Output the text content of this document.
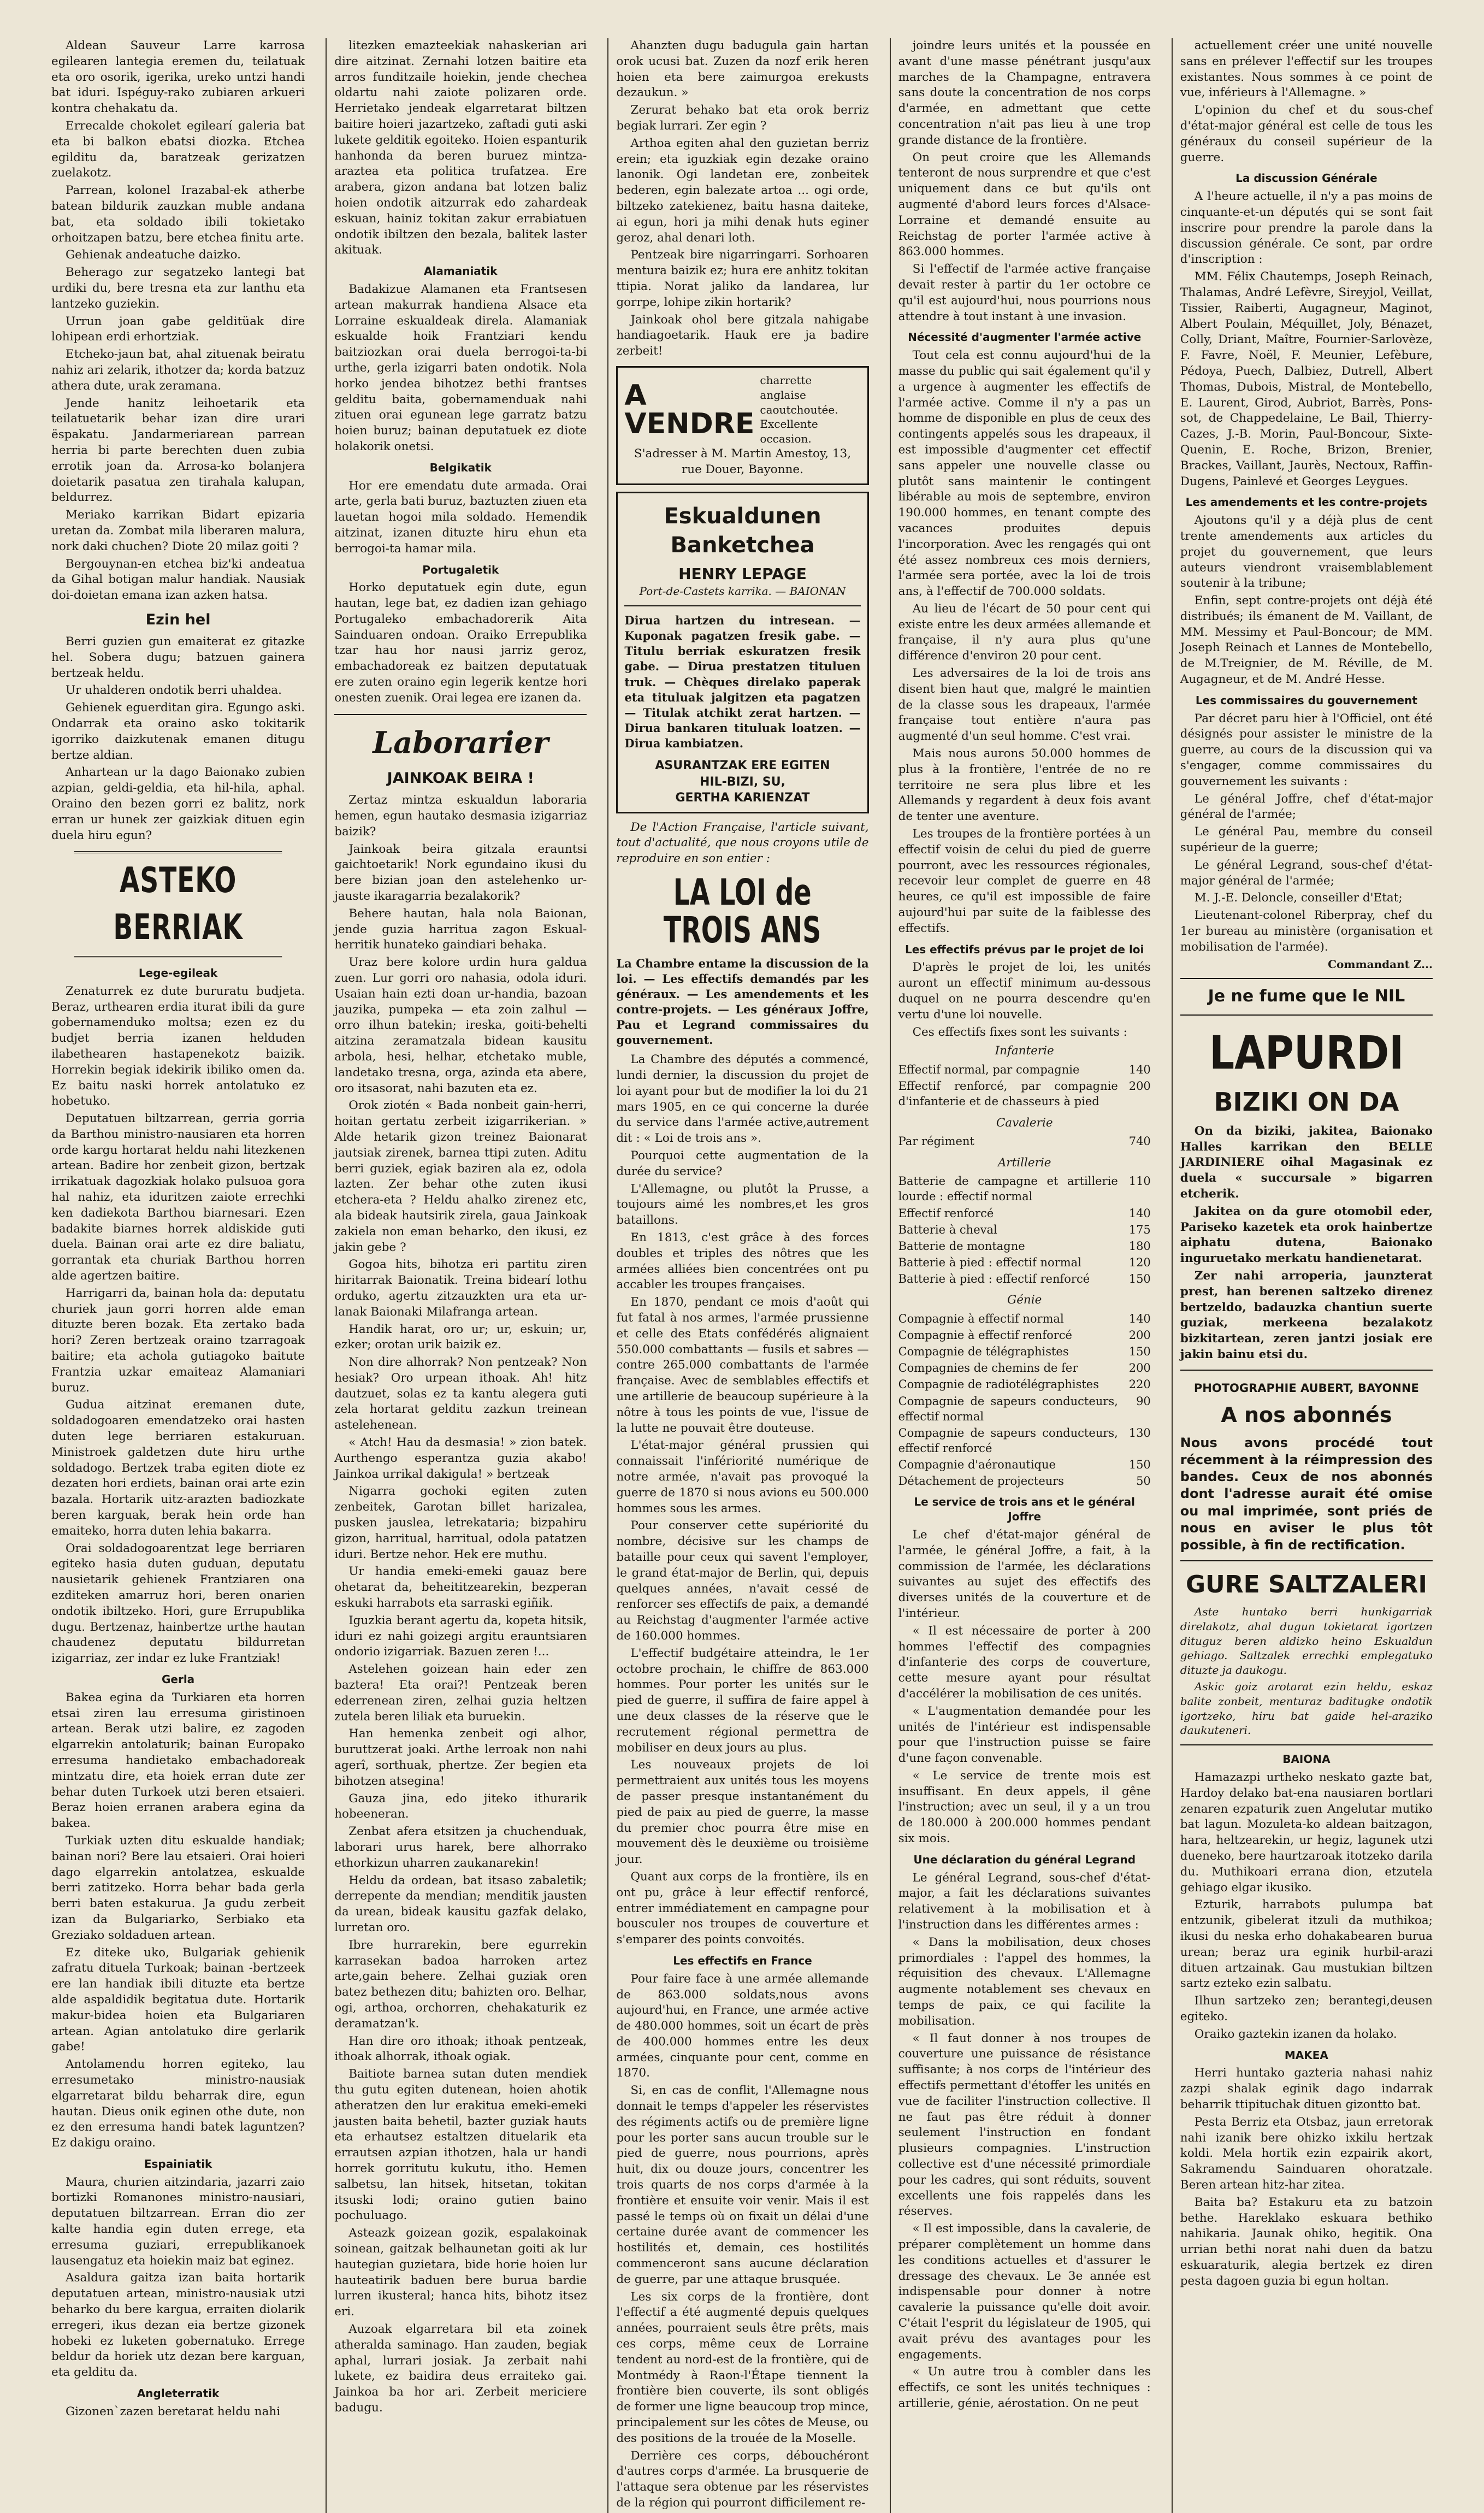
Aldean Sauveur Larre karrosa egilearen lantegia eremen du, teilatuak eta oro osorik, igerika, ureko untzi handi bat iduri. Ispéguy-rako zubiaren arkueri kontra chehakatu da.

Errecalde chokolet egilearí galeria bat eta bi balkon ebatsi diozka. Etchea egilditu da, baratzeak gerizatzen zuelakotz.

Parrean, kolonel Irazabal-ek atherbe batean bildurik zauzkan muble andana bat, eta soldado ibili tokietako orhoitzapen batzu, bere etchea finitu arte.

Gehienak andeatuche daizko.

Beherago zur segatzeko lantegi bat urdiki du, bere tresna eta zur lanthu eta lantzeko guziekin.

Urrun joan gabe gelditüak dire lohipean erdi erhortziak.

Etcheko-jaun bat, ahal zituenak beiratu nahiz ari zelarik, ithotzer da; korda batzuz athera dute, urak zeramana.

Jende hanitz leihoetarik eta teilatuetarik behar izan dire urari ëspakatu. Jandarmeriarean parrean herria bi parte berechten duen zubia errotik joan da. Arrosa-ko bolanjera doietarik pasatua zen tirahala kalupan, beldurrez.

Meriako karrikan Bidart epizaria uretan da. Zombat mila liberaren malura, nork daki chuchen? Diote 20 milaz goiti ?

Bergouynan-en etchea biz'ki andeatua da Gihal botigan malur handiak. Nausiak doi-doietan emana izan azken hatsa.

Ezin hel

Berri guzien gun emaiterat ez gitazke hel. Sobera dugu; batzuen gainera bertzeak heldu.

Ur uhalderen ondotik berri uhaldea.

Gehienek eguerditan gira. Egungo aski. Ondarrak eta oraino asko tokitarik igorriko daizkutenak emanen ditugu bertze aldian.

Anhartean ur la dago Baionako zubien azpian, geldi-geldia, eta hil-hila, aphal. Oraino den bezen gorri ez balitz, nork erran ur hunek zer gaizkiak dituen egin duela hiru egun?

ASTEKO BERRIAK
Lege-egileak

Zenaturrek ez dute bururatu budjeta. Beraz, urthearen erdia iturat ibili da gure gobernamenduko moltsa; ezen ez du budjet berria izanen helduden ilabethearen hastapenekotz baizik. Horrekin begiak idekirik ibiliko omen da. Ez baitu naski horrek antolatuko ez hobetuko.

Deputatuen biltzarrean, gerria gorria da Barthou ministro-nausiaren eta horren orde kargu hortarat heldu nahi litezkenen artean. Badire hor zenbeit gizon, bertzak irrikatuak dagozkiak holako pulsuoa gora hal nahiz, eta iduritzen zaiote errechki ken dadiekota Barthou biarnesari. Ezen badakite biarnes horrek aldiskide guti duela. Bainan orai arte ez dire baliatu, gorrantak eta churiak Barthou horren alde agertzen baitire.

Harrigarri da, bainan hola da: deputatu churiek jaun gorri horren alde eman dituzte beren bozak. Eta zertako bada hori? Zeren bertzeak oraino tzarragoak baitire; eta achola gutiagoko baitute Frantzia uzkar emaiteaz Alamaniari buruz.

Gudua aitzinat eremanen dute, soldadogoaren emendatzeko orai hasten duten lege berriaren estakuruan. Ministroek galdetzen dute hiru urthe soldadogo. Bertzek traba egiten diote ez dezaten hori erdiets, bainan orai arte ezin bazala. Hortarik uitz-arazten badiozkate beren karguak, berak hein orde han emaiteko, horra duten lehia bakarra.

Orai soldadogoarentzat lege berriaren egiteko hasia duten guduan, deputatu nausietarik gehienek Frantziaren ona ezditeken amarruz hori, beren onarien ondotik ibiltzeko. Hori, gure Errupublika dugu. Bertzenaz, hainbertze urthe hautan chaudenez deputatu bildurretan izigarriaz, zer indar ez luke Frantziak!

Gerla

Bakea egina da Turkiaren eta horren etsai ziren lau erresuma giristinoen artean. Berak utzi balire, ez zagoden elgarrekin antolaturik; bainan Europako erresuma handietako embachadoreak mintzatu dire, eta hoiek erran dute zer behar duten Turkoek utzi beren etsaieri. Beraz hoien erranen arabera egina da bakea.

Turkiak uzten ditu eskualde handiak; bainan nori? Bere lau etsaieri. Orai hoieri dago elgarrekin antolatzea, eskualde berri zatitzeko. Horra behar bada gerla berri baten estakurua. Ja gudu zerbeit izan da Bulgariarko, Serbiako eta Greziako soldaduen artean.

Ez diteke uko, Bulgariak gehienik zafratu dituela Turkoak; bainan -bertzeek ere lan handiak ibili dituzte eta bertze alde aspaldidik begitatua dute. Hortarik makur-bidea hoien eta Bulgariaren artean. Agian antolatuko dire gerlarik gabe!

Antolamendu horren egiteko, lau erresumetako ministro-nausiak elgarretarat bildu beharrak dire, egun hautan. Dieus onik eginen othe dute, non ez den erresuma handi batek laguntzen? Ez dakigu oraino.

Espainiatik

Maura, churien aitzindaria, jazarri zaio bortizki Romanones ministro-nausiari, deputatuen biltzarrean. Erran dio zer kalte handia egin duten errege, eta erresuma guziari, errepublikanoek lausengatuz eta hoiekin maiz bat eginez.

Asaldura gaitza izan baita hortarik deputatuen artean, ministro-nausiak utzi beharko du bere kargua, erraiten diolarik erregeri, ikus dezan eia bertze gizonek hobeki ez luketen gobernatuko. Errege beldur da horiek utz dezan bere karguan, eta gelditu da.

Angleterratik

Gizonen`zazen beretarat heldu nahi

litezken emazteekiak nahaskerian ari dire aitzinat. Zernahi lotzen baitire eta arros funditzaile hoiekin, jende chechea oldartu nahi zaiote polizaren orde. Herrietako jendeak elgarretarat biltzen baitire hoieri jazartzeko, zaftadi guti aski lukete gelditik egoiteko. Hoien espanturik hanhonda da beren buruez mintza-araztea eta politica trufatzea. Ere arabera, gizon andana bat lotzen baliz hoien ondotik aitzurrak edo zahardeak eskuan, hainiz tokitan zakur errabiatuen ondotik ibiltzen den bezala, balitek laster akituak.

Alamaniatik

Badakizue Alamanen eta Frantsesen artean makurrak handiena Alsace eta Lorraine eskualdeak direla. Alamaniak eskualde hoik Frantziari kendu baitziozkan orai duela berrogoi-ta-bi urthe, gerla izigarri baten ondotik. Nola horko jendea bihotzez bethi frantses gelditu baita, gobernamenduak nahi zituen orai egunean lege garratz batzu hoien buruz; bainan deputatuek ez diote holakorik onetsi.

Belgikatik

Hor ere emendatu dute armada. Orai arte, gerla bati buruz, baztuzten ziuen eta lauetan hogoi mila soldado. Hemendik aitzinat, izanen dituzte hiru ehun eta berrogoi-ta hamar mila.

Portugaletik

Horko deputatuek egin dute, egun hautan, lege bat, ez dadien izan gehiago Portugaleko embachadorerik Aita Sainduaren ondoan. Oraiko Errepublika tzar hau hor nausi jarriz geroz, embachadoreak ez baitzen deputatuak ere zuten oraino egin legerik kentze hori onesten zuenik. Orai legea ere izanen da.

Laborarier
JAINKOAK BEIRA !

Zertaz mintza eskualdun laboraria hemen, egun hautako desmasia izigarriaz baizik?

Jainkoak beira gitzala erauntsi gaichtoetarik! Nork egundaino ikusi du bere bizian joan den astelehenko ur-jauste ikaragarria bezalakorik?

Behere hautan, hala nola Baionan, jende guzia harritua zagon Eskual-herritik hunateko gaindiari behaka.

Uraz bere kolore urdin hura galdua zuen. Lur gorri oro nahasia, odola iduri. Usaian hain ezti doan ur-handia, bazoan jauzika, pumpeka — eta zoin zalhul — orro ilhun batekin; ireska, goiti-behelti aitzina zeramatzala bidean kausitu arbola, hesi, helhar, etchetako muble, landetako tresna, orga, azinda eta abere, oro itsasorat, nahi bazuten eta ez.

Orok ziotén « Bada nonbeit gain-herri, hoitan gertatu zerbeit izigarrikerian. » Alde hetarik gizon treinez Baionarat jautsiak zirenek, barnea ttipi zuten. Aditu berri guziek, egiak baziren ala ez, odola lazten. Zer behar othe zuten ikusi etchera-eta ? Heldu ahalko zirenez etc, ala bideak hautsirik zirela, gaua Jainkoak zakiela non eman beharko, den ikusi, ez jakin gebe ?

Gogoa hits, bihotza eri partitu ziren hiritarrak Baionatik. Treina bidearí lothu orduko, agertu zitzauzkten ura eta ur-lanak Baionaki Milafranga artean.

Handik harat, oro ur; ur, eskuin; ur, ezker; orotan urik baizik ez.

Non dire alhorrak? Non pentzeak? Non hesiak? Oro urpean ithoak. Ah! hitz dautzuet, solas ez ta kantu alegera guti zela hortarat gelditu zazkun treinean astelehenean.

« Atch! Hau da desmasia! » zion batek. Aurthengo esperantza guzia akabo! Jainkoa urrikal dakigula! » bertzeak

Nigarra gochoki egiten zuten zenbeitek, Garotan billet harizalea, pusken jauslea, letrekataria; bizpahiru gizon, harritual, harritual, odola patatzen iduri. Bertze nehor. Hek ere muthu.

Ur handia emeki-emeki gauaz bere ohetarat da, beheititzearekin, bezperan eskuki harrabots eta sarraski egiñik.

Iguzkia berant agertu da, kopeta hitsik, iduri ez nahi goizegi argitu erauntsiaren ondorio izigarriak. Bazuen zeren !...

Astelehen goizean hain eder zen baztera! Eta orai?! Pentzeak beren ederrenean ziren, zelhai guzia heltzen zutela beren liliak eta buruekin.

Han hemenka zenbeit ogi alhor, buruttzerat joaki. Arthe lerroak non nahi agerî, sorthuak, phertze. Zer begien eta bihotzen atsegina!

Gauza jina, edo jiteko ithurarik hobeeneran.

Zenbat afera etsitzen ja chuchenduak, laborari urus harek, bere alhorrako ethorkizun uharren zaukanarekin!

Heldu da ordean, bat itsaso zabaletik; derrepente da mendian; menditik jausten da urean, bideak kausitu gazfak delako, lurretan oro.

Ibre hurrarekin, bere egurrekin karrasekan badoa harroken artez arte,gain behere. Zelhai guziak oren batez bethezen ditu; bahizten oro. Belhar, ogi, arthoa, orchorren, chehakaturik ez deramatzan'k.

Han dire oro ithoak; ithoak pentzeak, ithoak alhorrak, ithoak ogiak.

Baitiote barnea sutan duten mendiek thu gutu egiten dutenean, hoien ahotik atheratzen den lur erakitua emeki-emeki jausten baita behetil, bazter guziak hauts eta erhautsez estaltzen dituelarik eta errautsen azpian ithotzen, hala ur handi horrek gorritutu kukutu, itho. Hemen salbetsu, lan hitsek, hitsetan, tokitan itsuski lodi; oraino gutien baino pochuluago.

Asteazk goizean gozik, espalakoinak soinean, gaitzak belhaunetan goiti ak lur hautegian guzietara, bide horie hoien lur hauteatirik baduen bere burua bardie lurren ikusteral; hanca hits, bihotz itsez eri.

Auzoak elgarretara bil eta zoinek atheralda saminago. Han zauden, begiak aphal, lurrari josiak. Ja zerbait nahi lukete, ez baidira deus erraiteko gai. Jainkoa ba hor ari. Zerbeit mericiere badugu.

Ahanzten dugu badugula gain hartan orok ucusi bat. Zuzen da nozf erik heren hoien eta bere zaimurgoa erekusts dezaukun. »

Zerurat behako bat eta orok berriz begiak lurrari. Zer egin ?

Arthoa egiten ahal den guzietan berriz erein; eta iguzkiak egin dezake oraino lanonik. Ogi landetan ere, zonbeitek bederen, egin balezate artoa ... ogi orde, biltzeko zatekienez, baitu hasna daiteke, ai egun, hori ja mihi denak huts eginer geroz, ahal denari loth.

Pentzeak bire nigarringarri. Sorhoaren mentura baizik ez; hura ere anhitz tokitan ttipia. Norat jaliko da landarea, lur gorrpe, lohipe zikin hortarik?

Jainkoak ohol bere gitzala nahigabe handiagoetarik. Hauk ere ja badire zerbeit!

A VENDRE
charrette anglaise caoutchoutée. Excellente occasion.
S'adresser à M. Martin Amestoy, 13, rue Douer, Bayonne.
Eskualdunen Banketchea
HENRY LEPAGE
Port-de-Castets karrika. — BAIONAN
Dirua hartzen du intresean. — Kuponak pagatzen fresik gabe. — Titulu berriak eskuratzen fresik gabe. — Dirua prestatzen tituluen truk. — Chèques direlako paperak eta tituluak jalgitzen eta pagatzen — Titulak atchikt zerat hartzen. — Dirua bankaren tituluak loatzen. — Dirua kambiatzen.
ASURANTZAK ERE EGITEN
HIL-BIZI, SU,
GERTHA KARIENZAT

De l'Action Française, l'article suivant, tout d'actualité, que nous croyons utile de reproduire en son entier :

LA LOI de TROIS ANS
La Chambre entame la discussion de la loi. — Les effectifs demandés par les généraux. — Les amendements et les contre-projets. — Les généraux Joffre, Pau et Legrand commissaires du gouvernement.

La Chambre des députés a commencé, lundi dernier, la discussion du projet de loi ayant pour but de modifier la loi du 21 mars 1905, en ce qui concerne la durée du service dans l'armée active,autrement dit : « Loi de trois ans ».

Pourquoi cette augmentation de la durée du service?

L'Allemagne, ou plutôt la Prusse, a toujours aimé les nombres,et les gros bataillons.

En 1813, c'est grâce à des forces doubles et triples des nôtres que les armées alliées bien concentrées ont pu accabler les troupes françaises.

En 1870, pendant ce mois d'août qui fut fatal à nos armes, l'armée prussienne et celle des Etats confédérés alignaient 550.000 combattants — fusils et sabres — contre 265.000 combattants de l'armée française. Avec de semblables effectifs et une artillerie de beaucoup supérieure à la nôtre à tous les points de vue, l'issue de la lutte ne pouvait être douteuse.

L'état-major général prussien qui connaissait l'infériorité numérique de notre armée, n'avait pas provoqué la guerre de 1870 si nous avions eu 500.000 hommes sous les armes.

Pour conserver cette supériorité du nombre, décisive sur les champs de bataille pour ceux qui savent l'employer, le grand état-major de Berlin, qui, depuis quelques années, n'avait cessé de renforcer ses effectifs de paix, a demandé au Reichstag d'augmenter l'armée active de 160.000 hommes.

L'effectif budgétaire atteindra, le 1er octobre prochain, le chiffre de 863.000 hommes. Pour porter les unités sur le pied de guerre, il suffira de faire appel à une deux classes de la réserve que le recrutement régional permettra de mobiliser en deux jours au plus.

Les nouveaux projets de loi permettraient aux unités tous les moyens de passer presque instantanément du pied de paix au pied de guerre, la masse du premier choc pourra être mise en mouvement dès le deuxième ou troisième jour.

Quant aux corps de la frontière, ils en ont pu, grâce à leur effectif renforcé, entrer immédiatement en campagne pour bousculer nos troupes de couverture et s'emparer des points convoités.

Les effectifs en France

Pour faire face à une armée allemande de 863.000 soldats,nous avons aujourd'hui, en France, une armée active de 480.000 hommes, soit un écart de près de 400.000 hommes entre les deux armées, cinquante pour cent, comme en 1870.

Si, en cas de conflit, l'Allemagne nous donnait le temps d'appeler les réservistes des régiments actifs ou de première ligne pour les porter sans aucun trouble sur le pied de guerre, nous pourrions, après huit, dix ou douze jours, concentrer les trois quarts de nos corps d'armée à la frontière et ensuite voir venir. Mais il est passé le temps où on fixait un délai d'une certaine durée avant de commencer les hostilités et, demain, ces hostilités commenceront sans aucune déclaration de guerre, par une attaque brusquée.

Les six corps de la frontière, dont l'effectif a été augmenté depuis quelques années, pourraient seuls être prêts, mais ces corps, même ceux de Lorraine tendent au nord-est de la frontière, qui de Montmédy à Raon-l'Étape tiennent la frontière bien couverte, ils sont obligés de former une ligne beaucoup trop mince, principalement sur les côtes de Meuse, ou des positions de la trouée de la Moselle.

Derrière ces corps, débouchéront d'autres corps d'armée. La brusquerie de l'attaque sera obtenue par les réservistes de la région qui pourront difficilement re-

joindre leurs unités et la poussée en avant d'une masse pénétrant jusqu'aux marches de la Champagne, entravera sans doute la concentration de nos corps d'armée, en admettant que cette concentration n'ait pas lieu à une trop grande distance de la frontière.

On peut croire que les Allemands tenteront de nous surprendre et que c'est uniquement dans ce but qu'ils ont augmenté d'abord leurs forces d'Alsace-Lorraine et demandé ensuite au Reichstag de porter l'armée active à 863.000 hommes.

Si l'effectif de l'armée active française devait rester à partir du 1er octobre ce qu'il est aujourd'hui, nous pourrions nous attendre à tout instant à une invasion.

Nécessité d'augmenter l'armée active

Tout cela est connu aujourd'hui de la masse du public qui sait également qu'il y a urgence à augmenter les effectifs de l'armée active. Comme il n'y a pas un homme de disponible en plus de ceux des contingents appelés sous les drapeaux, il est impossible d'augmenter cet effectif sans appeler une nouvelle classe ou plutôt sans maintenir le contingent libérable au mois de septembre, environ 190.000 hommes, en tenant compte des vacances produites depuis l'incorporation. Avec les rengagés qui ont été assez nombreux ces mois derniers, l'armée sera portée, avec la loi de trois ans, à l'effectif de 700.000 soldats.

Au lieu de l'écart de 50 pour cent qui existe entre les deux armées allemande et française, il n'y aura plus qu'une différence d'environ 20 pour cent.

Les adversaires de la loi de trois ans disent bien haut que, malgré le maintien de la classe sous les drapeaux, l'armée française tout entière n'aura pas augmenté d'un seul homme. C'est vrai.

Mais nous aurons 50.000 hommes de plus à la frontière, l'entrée de no re territoire ne sera plus libre et les Allemands y regardent à deux fois avant de tenter une aventure.

Les troupes de la frontière portées à un effectif voisin de celui du pied de guerre pourront, avec les ressources régionales, recevoir leur complet de guerre en 48 heures, ce qu'il est impossible de faire aujourd'hui par suite de la faiblesse des effectifs.

Les effectifs prévus par le projet de loi

D'après le projet de loi, les unités auront un effectif minimum au-dessous duquel on ne pourra descendre qu'en vertu d'une loi nouvelle.

Ces effectifs fixes sont les suivants :

Infanterie
Effectif normal, par compagnie	140
Effectif renforcé, par compagnie d'infanterie et de chasseurs à pied	200
Cavalerie
Par régiment	740
Artillerie
Batterie de campagne et artillerie lourde : effectif normal	110
Effectif renforcé	140
Batterie à cheval	175
Batterie de montagne	180
Batterie à pied : effectif normal	120
Batterie à pied : effectif renforcé	150
Génie
Compagnie à effectif normal	140
Compagnie à effectif renforcé	200
Compagnie de télégraphistes	150
Compagnies de chemins de fer	200
Compagnie de radiotélégraphistes	220
Compagnie de sapeurs conducteurs, effectif normal	90
Compagnie de sapeurs conducteurs, effectif renforcé	130
Compagnie d'aéronautique	150
Détachement de projecteurs	50
Le service de trois ans et le général Joffre

Le chef d'état-major général de l'armée, le général Joffre, a fait, à la commission de l'armée, les déclarations suivantes au sujet des effectifs des diverses unités de la couverture et de l'intérieur.

« Il est nécessaire de porter à 200 hommes l'effectif des compagnies d'infanterie des corps de couverture, cette mesure ayant pour résultat d'accélérer la mobilisation de ces unités.

« L'augmentation demandée pour les unités de l'intérieur est indispensable pour que l'instruction puisse se faire d'une façon convenable.

« Le service de trente mois est insuffisant. En deux appels, il gêne l'instruction; avec un seul, il y a un trou de 180.000 à 200.000 hommes pendant six mois.

Une déclaration du général Legrand

Le général Legrand, sous-chef d'état-major, a fait les déclarations suivantes relativement à la mobilisation et à l'instruction dans les différentes armes :

« Dans la mobilisation, deux choses primordiales : l'appel des hommes, la réquisition des chevaux. L'Allemagne augmente notablement ses chevaux en temps de paix, ce qui facilite la mobilisation.

« Il faut donner à nos troupes de couverture une puissance de résistance suffisante; à nos corps de l'intérieur des effectifs permettant d'étoffer les unités en vue de faciliter l'instruction collective. Il ne faut pas être réduit à donner seulement l'instruction en fondant plusieurs compagnies. L'instruction collective est d'une nécessité primordiale pour les cadres, qui sont réduits, souvent excellents une fois rappelés dans les réserves.

« Il est impossible, dans la cavalerie, de préparer complètement un homme dans les conditions actuelles et d'assurer le dressage des chevaux. Le 3e année est indispensable pour donner à notre cavalerie la puissance qu'elle doit avoir. C'était l'esprit du législateur de 1905, qui avait prévu des avantages pour les engagements.

« Un autre trou à combler dans les effectifs, ce sont les unités techniques : artillerie, génie, aérostation. On ne peut

actuellement créer une unité nouvelle sans en prélever l'effectif sur les troupes existantes. Nous sommes à ce point de vue, inférieurs à l'Allemagne. »

L'opinion du chef et du sous-chef d'état-major général est celle de tous les généraux du conseil supérieur de la guerre.

La discussion Générale

A l'heure actuelle, il n'y a pas moins de cinquante-et-un députés qui se sont fait inscrire pour prendre la parole dans la discussion générale. Ce sont, par ordre d'inscription :

MM. Félix Chautemps, Joseph Reinach, Thalamas, André Lefèvre, Sireyjol, Veillat, Tissier, Raiberti, Augagneur, Maginot, Albert Poulain, Méquillet, Joly, Bénazet, Colly, Driant, Maître, Fournier-Sarlovèze, F. Favre, Noël, F. Meunier, Lefèbure, Pédoya, Puech, Dalbiez, Dutrell, Albert Thomas, Dubois, Mistral, de Montebello, E. Laurent, Girod, Aubriot, Barrès, Pons-sot, de Chappedelaine, Le Bail, Thierry-Cazes, J.-B. Morin, Paul-Boncour, Sixte-Quenin, E. Roche, Brizon, Brenier, Brackes, Vaillant, Jaurès, Nectoux, Raffin-Dugens, Painlevé et Georges Leygues.

Les amendements et les contre-projets

Ajoutons qu'il y a déjà plus de cent trente amendements aux articles du projet du gouvernement, que leurs auteurs viendront vraisemblablement soutenir à la tribune;

Enfin, sept contre-projets ont déjà été distribués; ils émanent de M. Vaillant, de MM. Messimy et Paul-Boncour; de MM. Joseph Reinach et Lannes de Montebello, de M.Treignier, de M. Réville, de M. Augagneur, et de M. André Hesse.

Les commissaires du gouvernement

Par décret paru hier à l'Officiel, ont été désignés pour assister le ministre de la guerre, au cours de la discussion qui va s'engager, comme commissaires du gouvernement les suivants :

Le général Joffre, chef d'état-major général de l'armée;

Le général Pau, membre du conseil supérieur de la guerre;

Le général Legrand, sous-chef d'état-major général de l'armée;

M. J.-E. Deloncle, conseiller d'Etat;

Lieutenant-colonel Riberpray, chef du 1er bureau au ministère (organisation et mobilisation de l'armée).

Commandant Z...
Je ne fume que le NIL
LAPURDI
BIZIKI ON DA

On da biziki, jakitea, Baionako Halles karrikan den BELLE JARDINIERE oihal Magasinak ez duela « succursale » bigarren etcherik.

Jakitea on da gure otomobil eder, Pariseko kazetek eta orok hainbertze aiphatu dutena, Baionako inguruetako merkatu handienetarat.

Zer nahi arroperia, jaunzterat prest, han berenen saltzeko direnez bertzeldo, badauzka chantiun suerte guziak, merkeena bezalakotz bizkitartean, zeren jantzi josiak ere jakin bainu etsi du.

PHOTOGRAPHIE AUBERT, BAYONNE
A nos abonnés
Nous avons procédé tout récemment à la réimpression des bandes. Ceux de nos abonnés dont l'adresse aurait été omise ou mal imprimée, sont priés de nous en aviser le plus tôt possible, à fin de rectification.
GURE SALTZALERI

Aste huntako berri hunkigarriak direlakotz, ahal dugun tokietarat igortzen dituguz beren aldizko heino Eskualdun gehiago. Saltzalek errechki emplegatuko dituzte ja daukogu.

Askic goiz arotarat ezin heldu, eskaz balite zonbeit, menturaz baditugke ondotik igortzeko, hiru bat gaide hel-araziko daukuteneri.

BAIONA

Hamazazpi urtheko neskato gazte bat, Hardoy delako bat-ena nausiaren bortlari zenaren ezpaturik zuen Angelutar mutiko bat lagun. Mozuleta-ko aldean baitzagon, hara, heltzearekin, ur hegiz, lagunek utzi dueneko, bere haurtzaroak itotzeko darila du. Muthikoari errana dion, etzutela gehiago elgar ikusiko.

Ezturik, harrabots pulumpa bat entzunik, gibelerat itzuli da muthikoa; ikusi du neska erho dohakabearen burua urean; beraz ura eginik hurbil-arazi dituen artzainak. Gau mustukian biltzen sartz ezteko ezin salbatu.

Ilhun sartzeko zen; berantegi,deusen egiteko.

Oraiko gaztekin izanen da holako.

MAKEA

Herri huntako gazteria nahasi nahiz zazpi shalak eginik dago indarrak beharrik ttipituchak dituen gizontto bat.

Pesta Berriz eta Otsbaz, jaun erretorak nahi izanik bere ohizko ixkilu hertzak koldi. Mela hortik ezin ezpairik akort, Sakramendu Sainduaren ohoratzale. Beren artean hitz-har zitea.

Baita ba? Estakuru eta zu batzoin bethe. Hareklako eskuara bethiko nahikaria. Jaunak ohiko, hegitik. Ona urrian bethi norat nahi duen da batzu eskuaraturik, alegia bertzek ez diren pesta dagoen guzia bi egun holtan.
